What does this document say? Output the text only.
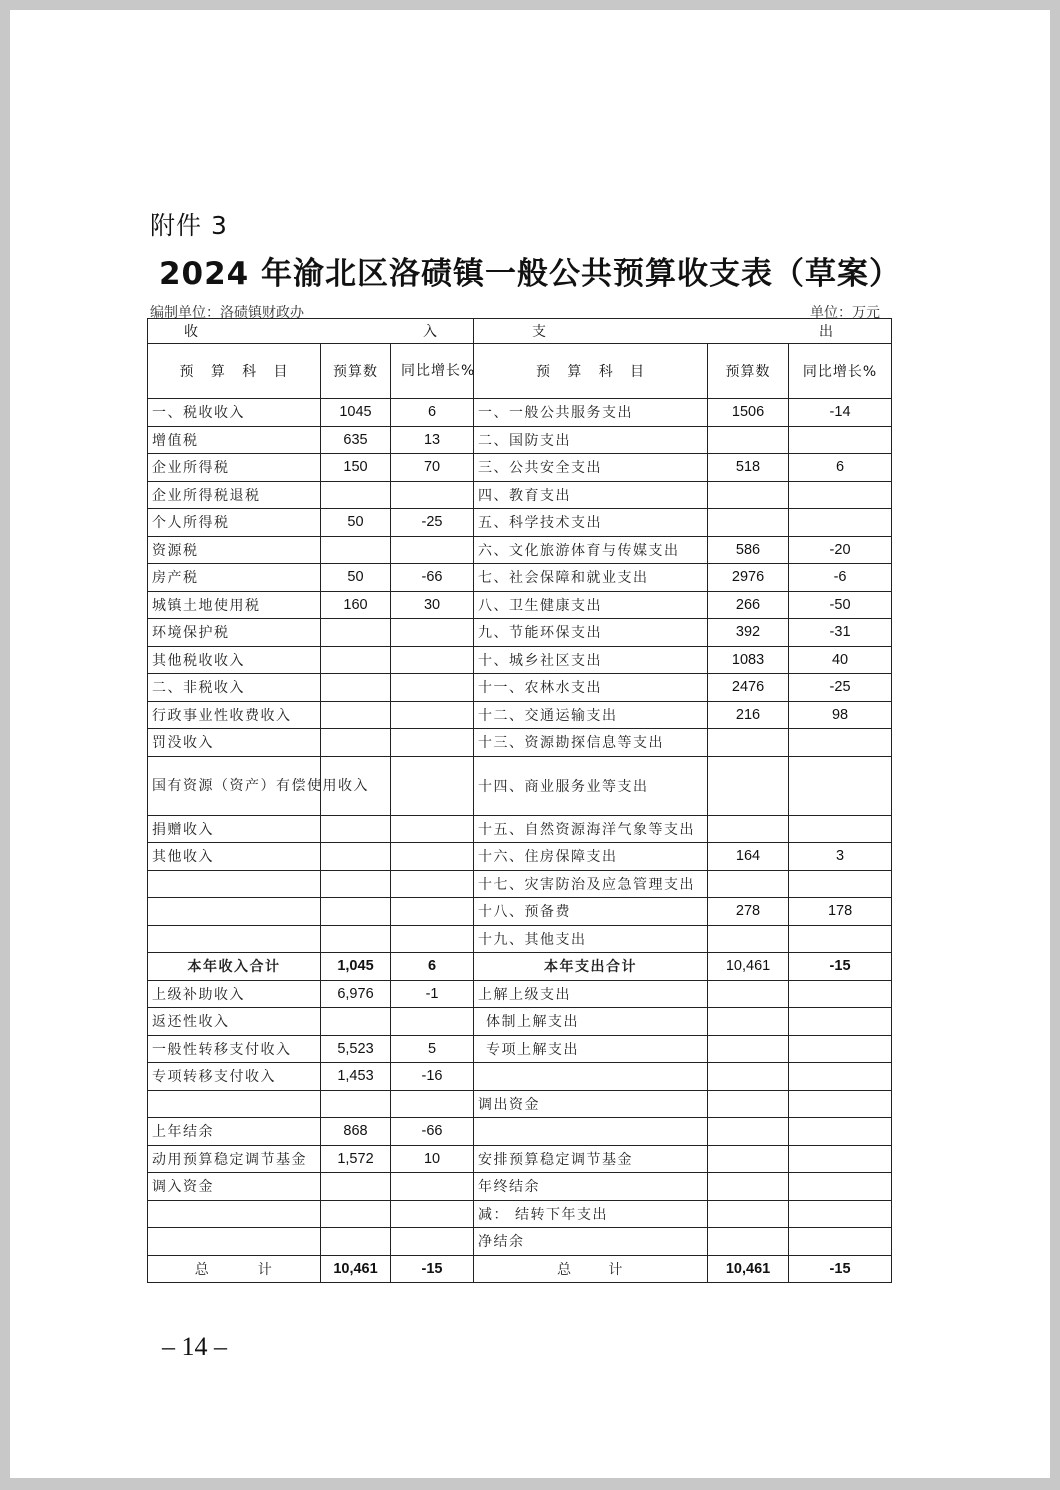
附件 3
2024 年渝北区洛碛镇一般公共预算收支表（草案）
编制单位：洛碛镇财政办	单位：万元
收 入			支 出		

预   算   科   目	预算数	同比增长%	预   算   科   目	预算数	同比增长%
一、税收收入	1045	6	一、一般公共服务支出	1506	-14
增值税	635	13	二、国防支出		
企业所得税	150	70	三、公共安全支出	518	6
企业所得税退税			四、教育支出		
个人所得税	50	-25	五、科学技术支出		
资源税			六、文化旅游体育与传媒支出	586	-20
房产税	50	-66	七、社会保障和就业支出	2976	-6
城镇土地使用税	160	30	八、卫生健康支出	266	-50
环境保护税			九、节能环保支出	392	-31
其他税收收入			十、城乡社区支出	1083	40
二、非税收入			十一、农林水支出	2476	-25
行政事业性收费收入			十二、交通运输支出	216	98
罚没收入			十三、资源勘探信息等支出		
国有资源（资产）有偿使用收入			十四、商业服务业等支出		
捐赠收入			十五、自然资源海洋气象等支出		
其他收入			十六、住房保障支出	164	3
			十七、灾害防治及应急管理支出		
			十八、预备费	278	178
			十九、其他支出		
本年收入合计	1,045	6	本年支出合计	10,461	-15
上级补助收入	6,976	-1	上解上级支出		
返还性收入			体制上解支出		
一般性转移支付收入	5,523	5	专项上解支出		
专项转移支付收入	1,453	-16			
			调出资金		
上年结余	868	-66			
动用预算稳定调节基金	1,572	10	安排预算稳定调节基金		
调入资金			年终结余		
			减： 结转下年支出		
			净结余		
总        计	10,461	-15	总      计	10,461	-15
– 14 –
